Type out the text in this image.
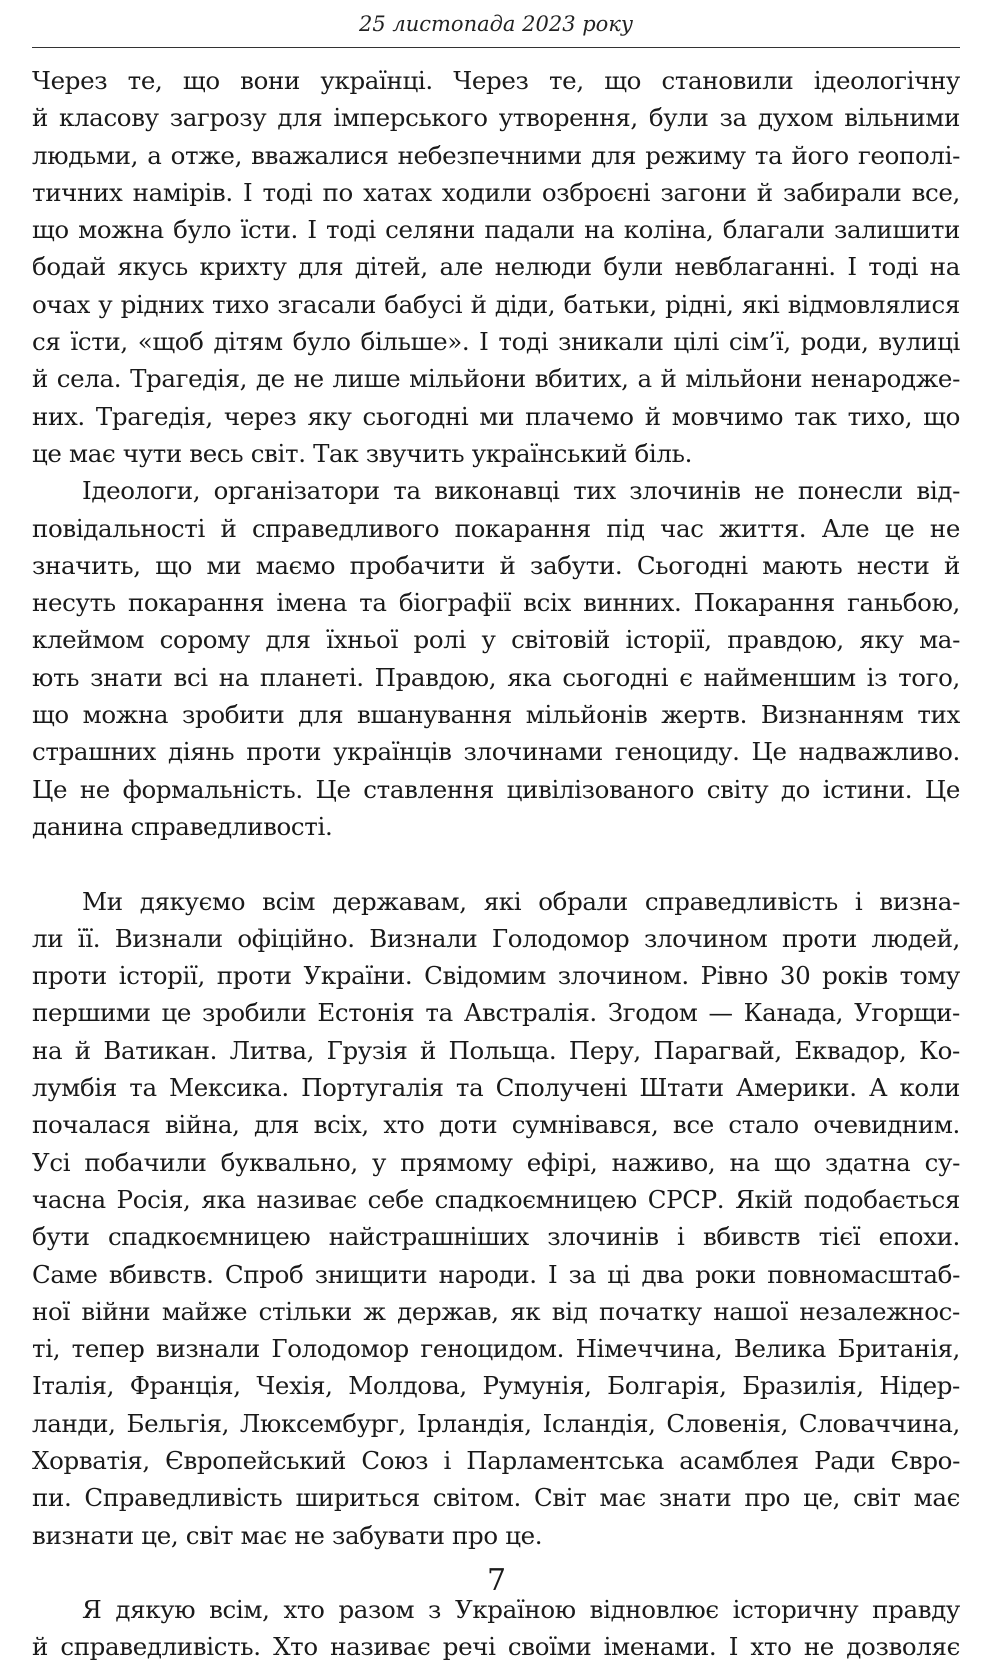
25 листопада 2023 року
Через те, що вони українці. Через те, що становили ідеологічну
й класову загрозу для імперського утворення, були за духом вільними
людьми, а отже, вважалися небезпечними для режиму та його геополі-
тичних намірів. І тоді по хатах ходили озброєні загони й забирали все,
що можна було їсти. І тоді селяни падали на коліна, благали залишити
бодай якусь крихту для дітей, але нелюди були невблаганні. І тоді на
очах у рідних тихо згасали бабусі й діди, батьки, рідні, які відмовлялися
ся їсти, «щоб дітям було більше». І тоді зникали цілі сім’ї, роди, вулиці
й села. Трагедія, де не лише мільйони вбитих, а й мільйони ненародже-
них. Трагедія, через яку сьогодні ми плачемо й мовчимо так тихо, що
це має чути весь світ. Так звучить український біль.
Ідеологи, організатори та виконавці тих злочинів не понесли від-
повідальності й справедливого покарання під час життя. Але це не
значить, що ми маємо пробачити й забути. Сьогодні мають нести й
несуть покарання імена та біографії всіх винних. Покарання ганьбою,
клеймом сорому для їхньої ролі у світовій історії, правдою, яку ма-
ють знати всі на планеті. Правдою, яка сьогодні є найменшим із того,
що можна зробити для вшанування мільйонів жертв. Визнанням тих
страшних діянь проти українців злочинами геноциду. Це надважливо.
Це не формальність. Це ставлення цивілізованого світу до істини. Це
данина справедливості.
Ми дякуємо всім державам, які обрали справедливість і визна-
ли її. Визнали офіційно. Визнали Голодомор злочином проти людей,
проти історії, проти України. Свідомим злочином. Рівно 30 років тому
першими це зробили Естонія та Австралія. Згодом — Канада, Угорщи-
на й Ватикан. Литва, Грузія й Польща. Перу, Парагвай, Еквадор, Ко-
лумбія та Мексика. Португалія та Сполучені Штати Америки. А коли
почалася війна, для всіх, хто доти сумнівався, все стало очевидним.
Усі побачили буквально, у прямому ефірі, наживо, на що здатна су-
часна Росія, яка називає себе спадкоємницею СРСР. Якій подобається
бути спадкоємницею найстрашніших злочинів і вбивств тієї епохи.
Саме вбивств. Спроб знищити народи. І за ці два роки повномасштаб-
ної війни майже стільки ж держав, як від початку нашої незалежнос-
ті, тепер визнали Голодомор геноцидом. Німеччина, Велика Британія,
Італія, Франція, Чехія, Молдова, Румунія, Болгарія, Бразилія, Нідер-
ланди, Бельгія, Люксембург, Ірландія, Ісландія, Словенія, Словаччина,
Хорватія, Європейський Союз і Парламентська асамблея Ради Євро-
пи. Справедливість шириться світом. Світ має знати про це, світ має
визнати це, світ має не забувати про це.
Я дякую всім, хто разом з Україною відновлює історичну правду
й справедливість. Хто називає речі своїми іменами. І хто не дозволяє
7
